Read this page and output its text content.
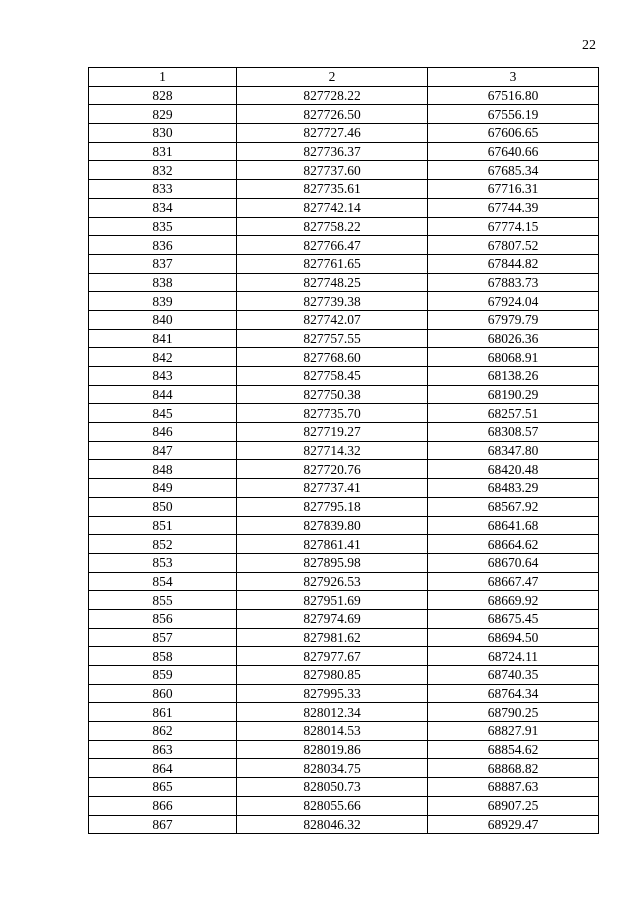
22
1	2	3
828	827728.22	67516.80
829	827726.50	67556.19
830	827727.46	67606.65
831	827736.37	67640.66
832	827737.60	67685.34
833	827735.61	67716.31
834	827742.14	67744.39
835	827758.22	67774.15
836	827766.47	67807.52
837	827761.65	67844.82
838	827748.25	67883.73
839	827739.38	67924.04
840	827742.07	67979.79
841	827757.55	68026.36
842	827768.60	68068.91
843	827758.45	68138.26
844	827750.38	68190.29
845	827735.70	68257.51
846	827719.27	68308.57
847	827714.32	68347.80
848	827720.76	68420.48
849	827737.41	68483.29
850	827795.18	68567.92
851	827839.80	68641.68
852	827861.41	68664.62
853	827895.98	68670.64
854	827926.53	68667.47
855	827951.69	68669.92
856	827974.69	68675.45
857	827981.62	68694.50
858	827977.67	68724.11
859	827980.85	68740.35
860	827995.33	68764.34
861	828012.34	68790.25
862	828014.53	68827.91
863	828019.86	68854.62
864	828034.75	68868.82
865	828050.73	68887.63
866	828055.66	68907.25
867	828046.32	68929.47
